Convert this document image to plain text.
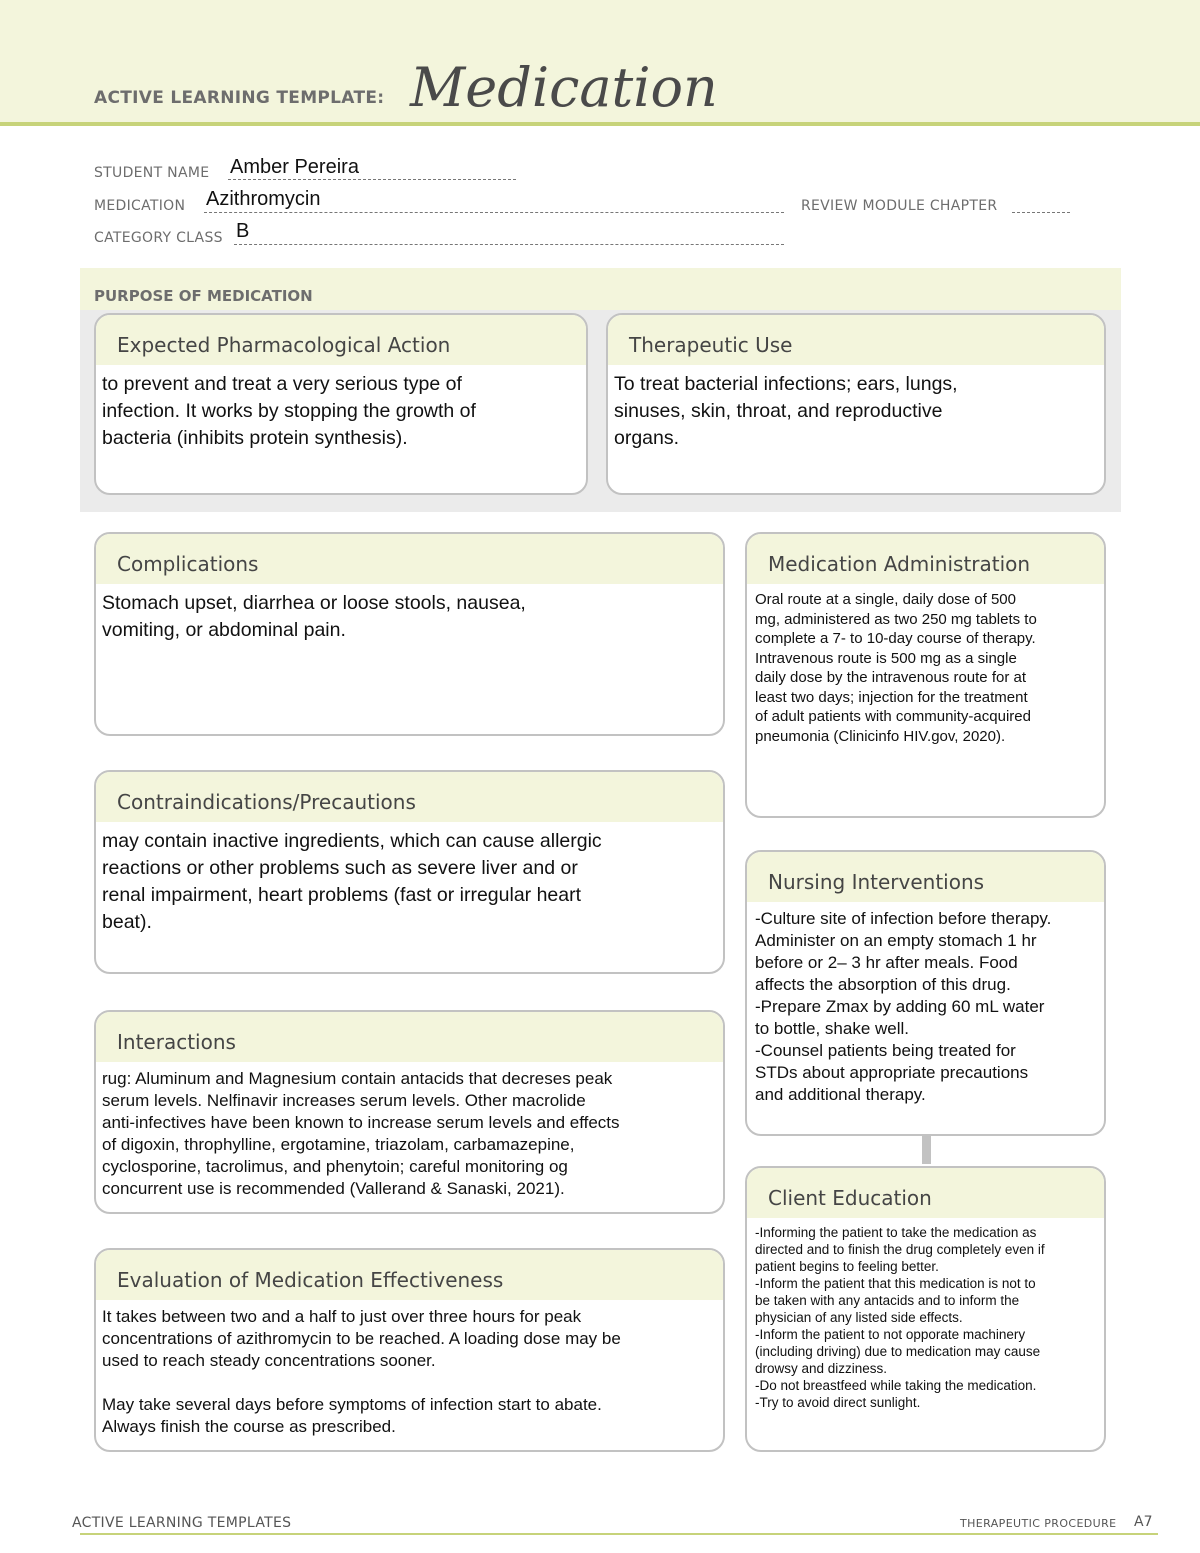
ACTIVE LEARNING TEMPLATE: Medication
STUDENT NAME Amber Pereira
MEDICATION Azithromycin	REVIEW MODULE CHAPTER
CATEGORY CLASS B
PURPOSE OF MEDICATION
Expected Pharmacological Action
to prevent and treat a very serious type of
infection. It works by stopping the growth of
bacteria (inhibits protein synthesis).
Therapeutic Use
To treat bacterial infections; ears, lungs,
sinuses, skin, throat, and reproductive
organs.
Complications
Stomach upset, diarrhea or loose stools, nausea,
vomiting, or abdominal pain.
Medication Administration
Oral route at a single, daily dose of 500
mg, administered as two 250 mg tablets to
complete a 7- to 10-day course of therapy.
Intravenous route is 500 mg as a single
daily dose by the intravenous route for at
least two days; injection for the treatment
of adult patients with community-acquired
pneumonia (Clinicinfo HIV.gov, 2020).
Contraindications/Precautions
may contain inactive ingredients, which can cause allergic
reactions or other problems such as severe liver and or
renal impairment, heart problems (fast or irregular heart
beat).
Nursing Interventions
-Culture site of infection before therapy.
Administer on an empty stomach 1 hr
before or 2– 3 hr after meals. Food
affects the absorption of this drug.
-Prepare Zmax by adding 60 mL water
to bottle, shake well.
-Counsel patients being treated for
STDs about appropriate precautions
and additional therapy.
Interactions
rug: Aluminum and Magnesium contain antacids that decreses peak
serum levels. Nelfinavir increases serum levels. Other macrolide
anti-infectives have been known to increase serum levels and effects
of digoxin, throphylline, ergotamine, triazolam, carbamazepine,
cyclosporine, tacrolimus, and phenytoin; careful monitoring og
concurrent use is recommended (Vallerand & Sanaski, 2021).	Client Education
-Informing the patient to take the medication as
directed and to finish the drug completely even if
patient begins to feeling better.
-Inform the patient that this medication is not to
be taken with any antacids and to inform the
physician of any listed side effects.
-Inform the patient to not opporate machinery
(including driving) due to medication may cause
drowsy and dizziness.
-Do not breastfeed while taking the medication.
-Try to avoid direct sunlight.
Evaluation of Medication Effectiveness
It takes between two and a half to just over three hours for peak
concentrations of azithromycin to be reached. A loading dose may be
used to reach steady concentrations sooner.
May take several days before symptoms of infection start to abate.
Always finish the course as prescribed.
ACTIVE LEARNING TEMPLATES	THERAPEUTIC PROCEDURE A7
